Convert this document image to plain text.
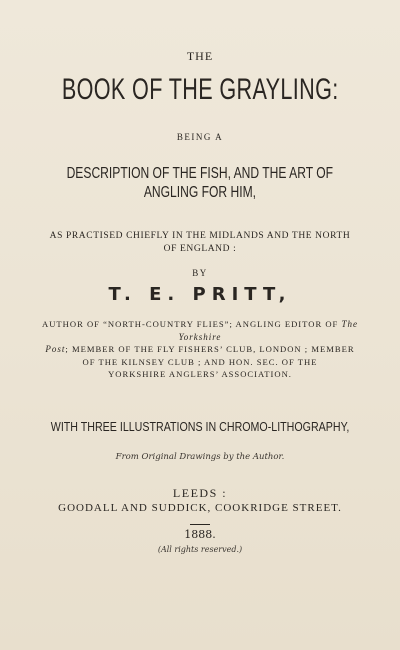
THE
BOOK OF THE GRAYLING:
BEING A
DESCRIPTION OF THE FISH, AND THE ART OF
ANGLING FOR HIM,
AS PRACTISED CHIEFLY IN THE MIDLANDS AND THE NORTH
OF ENGLAND :
BY
T. E. PRITT,
AUTHOR OF “NORTH-COUNTRY FLIES”; ANGLING EDITOR OF The Yorkshire
Post; MEMBER OF THE FLY FISHERS’ CLUB, LONDON ; MEMBER
OF THE KILNSEY CLUB ; AND HON. SEC. OF THE
YORKSHIRE ANGLERS’ ASSOCIATION.
WITH THREE ILLUSTRATIONS IN CHROMO-LITHOGRAPHY,
From Original Drawings by the Author.
LEEDS :
GOODALL AND SUDDICK, COOKRIDGE STREET.
1888.
(All rights reserved.)
